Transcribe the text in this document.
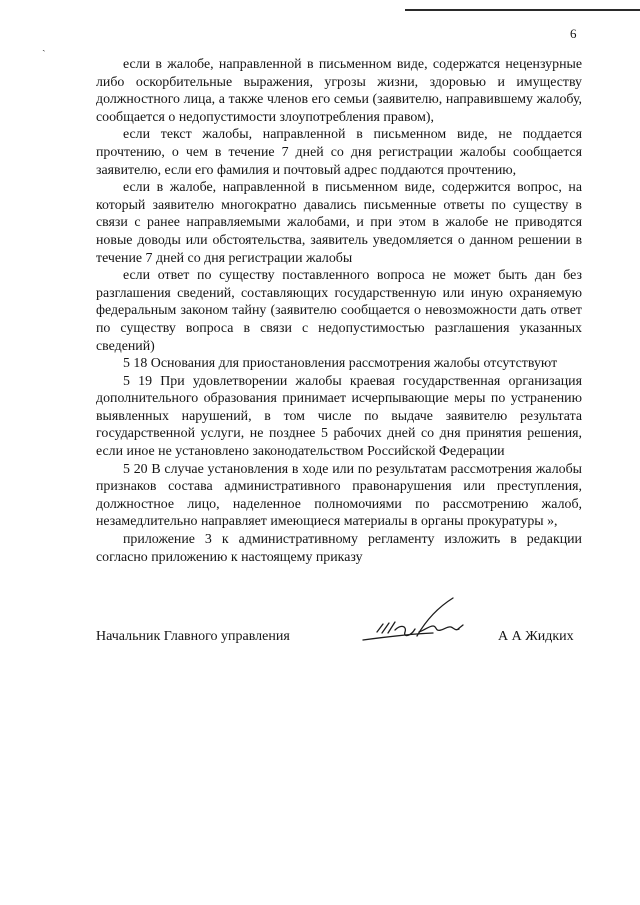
ˏ
6

если в жалобе, направленной в письменном виде, содержатся нецензурные либо оскорбительные выражения, угрозы жизни, здоровью и имуществу должностного лица, а также членов его семьи (заявителю, направившему жалобу, сообщается о недопустимости злоупотребления правом),

если текст жалобы, направленной в письменном виде, не поддается прочтению, о чем в течение 7 дней со дня регистрации жалобы сообщается заявителю, если его фамилия и почтовый адрес поддаются прочтению,

если в жалобе, направленной в письменном виде, содержится вопрос, на который заявителю многократно давались письменные ответы по существу в связи с ранее направляемыми жалобами, и при этом в жалобе не приводятся новые доводы или обстоятельства, заявитель уведомляется о данном решении в течение 7 дней со дня регистрации жалобы

если ответ по существу поставленного вопроса не может быть дан без разглашения сведений, составляющих государственную или иную охраняемую федеральным законом тайну (заявителю сообщается о невозможности дать ответ по существу вопроса в связи с недопустимостью разглашения указанных сведений)

5 18 Основания для приостановления рассмотрения жалобы отсутствуют

5 19 При удовлетворении жалобы краевая государственная организация дополнительного образования принимает исчерпывающие меры по устранению выявленных нарушений, в том числе по выдаче заявителю результата государственной услуги, не позднее 5 рабочих дней со дня принятия решения, если иное не установлено законодательством Российской Федерации

5 20 В случае установления в ходе или по результатам рассмотрения жалобы признаков состава административного правонарушения или преступления, должностное лицо, наделенное полномочиями по рассмотрению жалоб, незамедлительно направляет имеющиеся материалы в органы прокуратуры »,

приложение 3 к административному регламенту изложить в редакции согласно приложению к настоящему приказу

Начальник Главного управления	А А Жидких
